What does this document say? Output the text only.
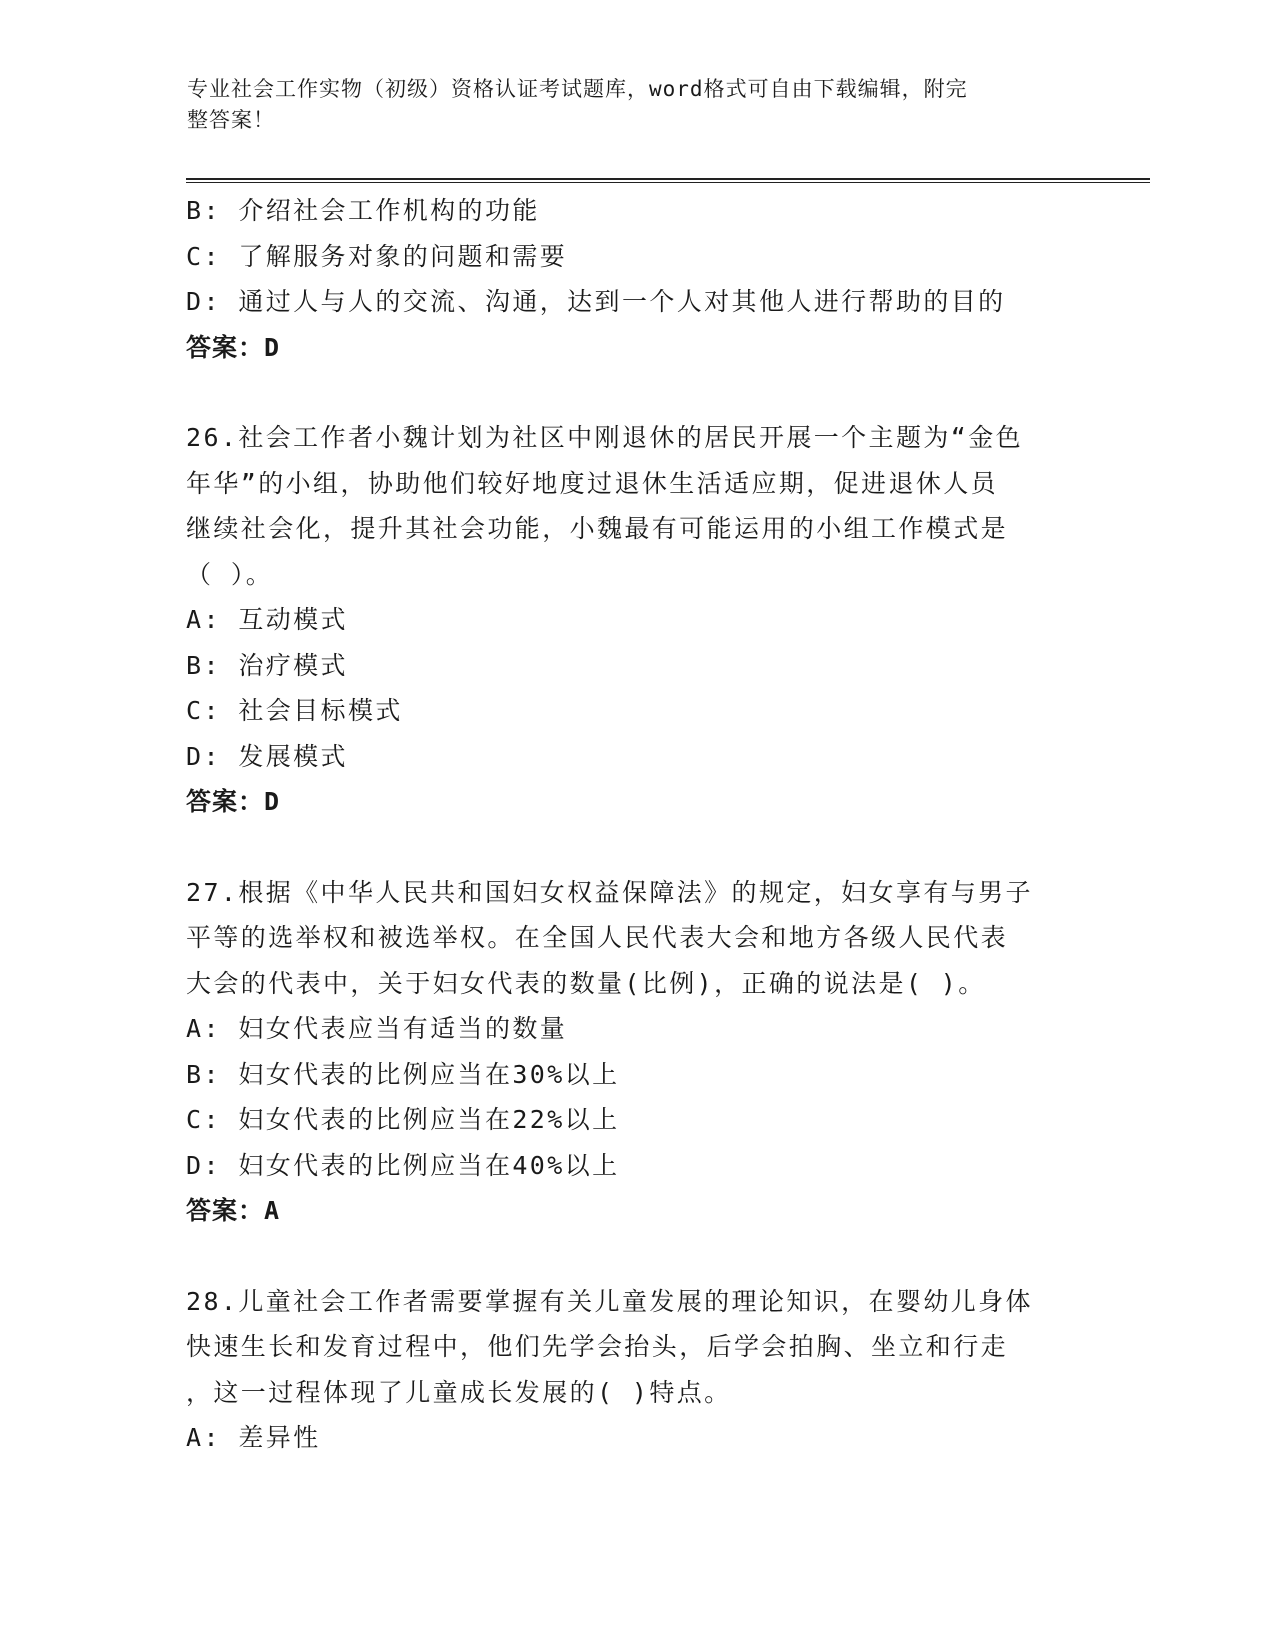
专业社会工作实物（初级）资格认证考试题库，word格式可自由下载编辑，附完
整答案！
B: 介绍社会工作机构的功能
C: 了解服务对象的问题和需要
D: 通过人与人的交流、沟通，达到一个人对其他人进行帮助的目的
答案：D
26.社会工作者小魏计划为社区中刚退休的居民开展一个主题为“金色
年华”的小组，协助他们较好地度过退休生活适应期，促进退休人员
继续社会化，提升其社会功能，小魏最有可能运用的小组工作模式是
（ ）。
A: 互动模式
B: 治疗模式
C: 社会目标模式
D: 发展模式
答案：D
27.根据《中华人民共和国妇女权益保障法》的规定，妇女享有与男子
平等的选举权和被选举权。在全国人民代表大会和地方各级人民代表
大会的代表中，关于妇女代表的数量(比例)，正确的说法是( )。
A: 妇女代表应当有适当的数量
B: 妇女代表的比例应当在30%以上
C: 妇女代表的比例应当在22%以上
D: 妇女代表的比例应当在40%以上
答案：A
28.儿童社会工作者需要掌握有关儿童发展的理论知识，在婴幼儿身体
快速生长和发育过程中，他们先学会抬头，后学会拍胸、坐立和行走
，这一过程体现了儿童成长发展的( )特点。
A: 差异性
